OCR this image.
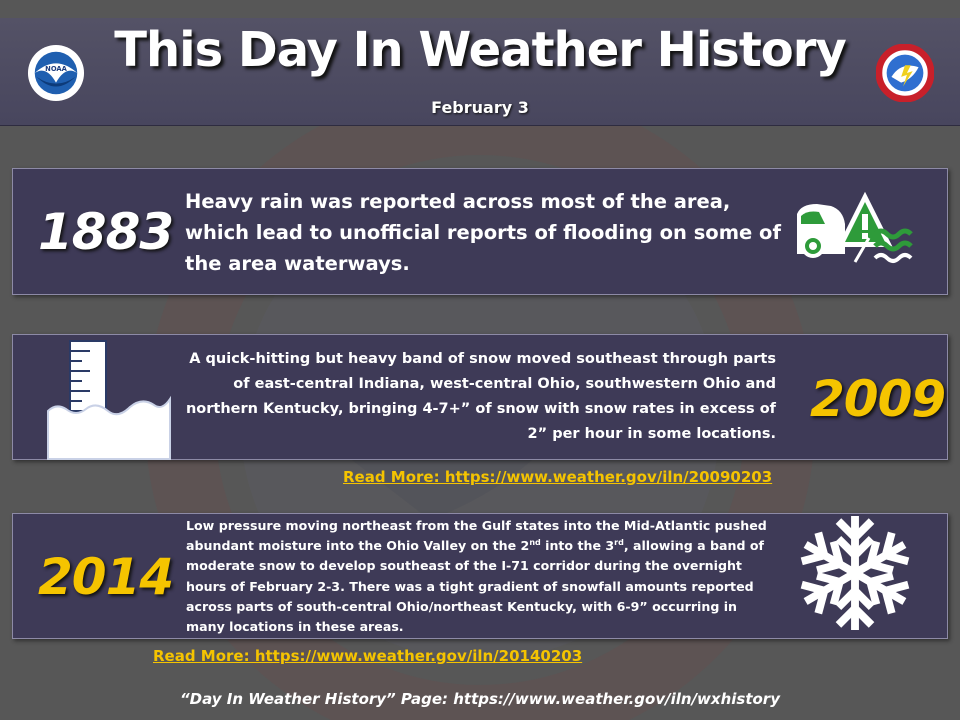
This Day In Weather History
February 3
NOAA
1883
Heavy rain was reported across most of the area, which lead to unofficial reports of flooding on some of the area waterways.
A quick-hitting but heavy band of snow moved southeast through parts of east-central Indiana, west-central Ohio, southwestern Ohio and northern Kentucky, bringing 4-7+” of snow with snow rates in excess of 2” per hour in some locations.
2009
Read More: https://www.weather.gov/iln/20090203
2014
Low pressure moving northeast from the Gulf states into the Mid-Atlantic pushed abundant moisture into the Ohio Valley on the 2nd into the 3rd, allowing a band of moderate snow to develop southeast of the I-71 corridor during the overnight hours of February 2-3. There was a tight gradient of snowfall amounts reported across parts of south-central Ohio/northeast Kentucky, with 6-9” occurring in many locations in these areas.
Read More: https://www.weather.gov/iln/20140203
“Day In Weather History” Page: https://www.weather.gov/iln/wxhistory
